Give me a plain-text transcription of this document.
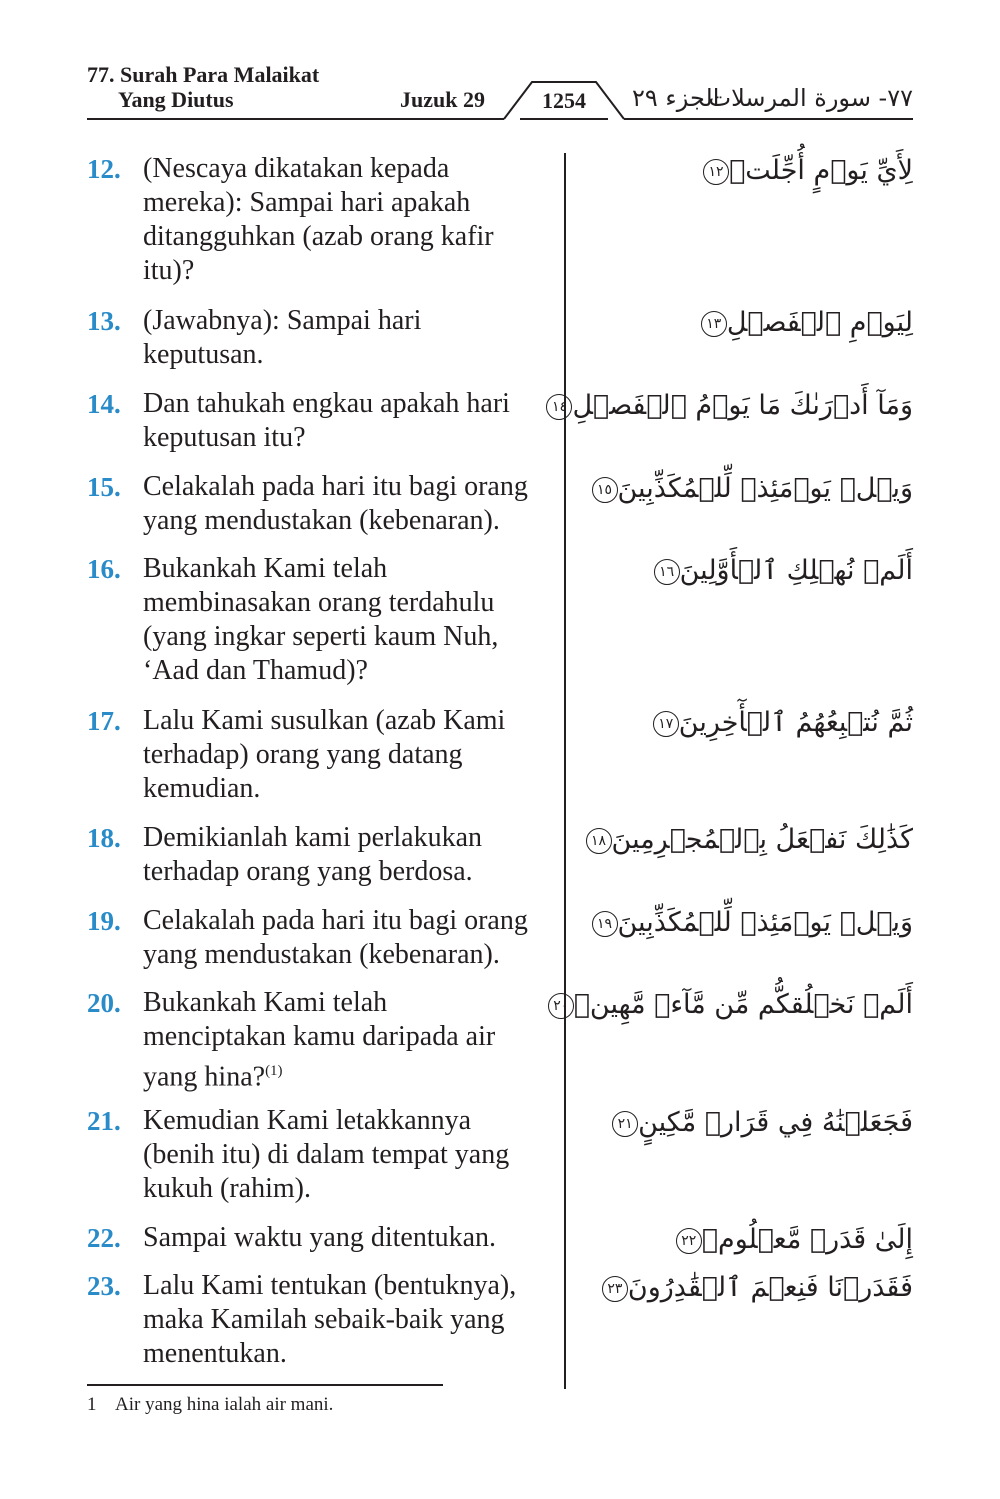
77. Surah Para Malaikat
Yang Diutus	Juzuk 29	1254	الجزء ٢٩
٧٧- سورة المرسلات
12. (Nescaya dikatakan kepada
mereka): Sampai hari apakah
ditangguhkan (azab orang kafir
itu)?
لِأَيِّ يَوۡمٍ أُجِّلَتۡ١٢
13. (Jawabnya): Sampai hari
keputusan.
لِيَوۡمِ ٱلۡفَصۡلِ١٣
14. Dan tahukah engkau apakah hari
keputusan itu?
وَمَآ أَدۡرَىٰكَ مَا يَوۡمُ ٱلۡفَصۡلِ١٤
15. Celakalah pada hari itu bagi orang
yang mendustakan (kebenaran).
وَيۡلٞ يَوۡمَئِذٖ لِّلۡمُكَذِّبِينَ١٥
16. Bukankah Kami telah
membinasakan orang terdahulu
(yang ingkar seperti kaum Nuh,
‘Aad dan Thamud)?
أَلَمۡ نُهۡلِكِ ٱلۡأَوَّلِينَ١٦
17. Lalu Kami susulkan (azab Kami
terhadap) orang yang datang
kemudian.
ثُمَّ نُتۡبِعُهُمُ ٱلۡأٓخِرِينَ١٧
18. Demikianlah kami perlakukan
terhadap orang yang berdosa.
كَذَٰلِكَ نَفۡعَلُ بِٱلۡمُجۡرِمِينَ١٨
19. Celakalah pada hari itu bagi orang
yang mendustakan (kebenaran).
وَيۡلٞ يَوۡمَئِذٖ لِّلۡمُكَذِّبِينَ١٩
20. Bukankah Kami telah
menciptakan kamu daripada air
yang hina?$^{(1)}$
أَلَمۡ نَخۡلُقكُّم مِّن مَّآءٖ مَّهِينٖ٢٠
21. Kemudian Kami letakkannya
(benih itu) di dalam tempat yang
kukuh (rahim).
فَجَعَلۡنَٰهُ فِي قَرَارٖ مَّكِينٍ٢١
22. Sampai waktu yang ditentukan.	إِلَىٰ قَدَرٖ مَّعۡلُومٖ٢٢
23. Lalu Kami tentukan (bentuknya),
maka Kamilah sebaik-baik yang
menentukan.
فَقَدَرۡنَا فَنِعۡمَ ٱلۡقَٰدِرُونَ٢٣
1 Air yang hina ialah air mani.
